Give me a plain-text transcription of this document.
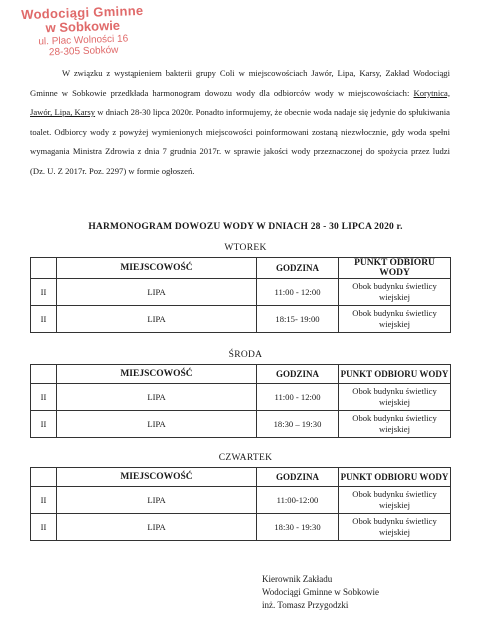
Wodociągi Gminne
w Sobkowie
ul. Plac Wolności 16
28-305 Sobków

W związku z wystąpieniem bakterii grupy Coli w miejscowościach Jawór, Lipa, Karsy, Zakład Wodociągi Gminne w Sobkowie przedkłada harmonogram dowozu wody dla odbiorców wody w miejscowościach: Korytnica, Jawór, Lipa, Karsy w dniach 28-30 lipca 2020r. Ponadto informujemy, że obecnie woda nadaje się jedynie do spłukiwania toalet. Odbiorcy wody z powyżej wymienionych miejscowości poinformowani zostaną niezwłocznie, gdy woda spełni wymagania Ministra Zdrowia z dnia 7 grudnia 2017r. w sprawie jakości wody przeznaczonej do spożycia przez ludzi (Dz. U. Z 2017r. Poz. 2297) w formie ogłoszeń.

HARMONOGRAM DOWOZU WODY W DNIACH 28 - 30 LIPCA 2020 r.
WTOREK
	MIEJSCOWOŚĆ	GODZINA	PUNKT ODBIORU WODY
II	LIPA	11:00 - 12:00	Obok budynku świetlicy wiejskiej
II	LIPA	18:15- 19:00	Obok budynku świetlicy wiejskiej
ŚRODA
	MIEJSCOWOŚĆ	GODZINA	PUNKT ODBIORU WODY
II	LIPA	11:00 - 12:00	Obok budynku świetlicy wiejskiej
II	LIPA	18:30 – 19:30	Obok budynku świetlicy wiejskiej
CZWARTEK
	MIEJSCOWOŚĆ	GODZINA	PUNKT ODBIORU WODY
II	LIPA	11:00-12:00	Obok budynku świetlicy wiejskiej
II	LIPA	18:30 - 19:30	Obok budynku świetlicy wiejskiej
Kierownik Zakładu
Wodociągi Gminne w Sobkowie
inż. Tomasz Przygodzki
